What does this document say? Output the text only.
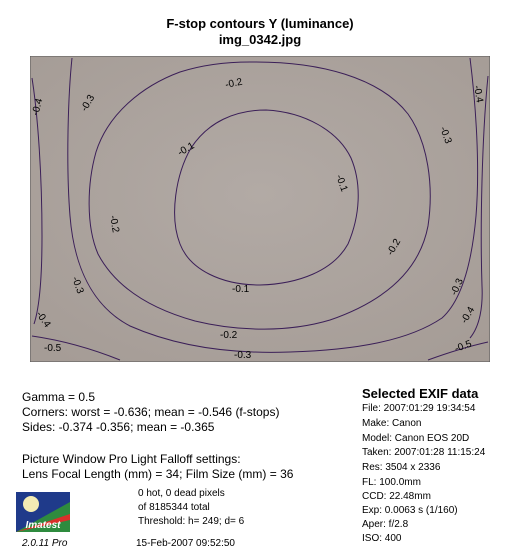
F-stop contours Y (luminance)
img_0342.jpg
-0.2
-0.1
-0.1
-0.1
-0.3
-0.2
-0.2
-0.2
-0.3
-0.3
-0.3
-0.3
-0.4
-0.4
-0.4	-0.4
-0.5	-0.5
Gamma = 0.5
Corners: worst = -0.636; mean = -0.546 (f-stops)
Sides: -0.374 -0.356; mean = -0.365
Picture Window Pro Light Falloff settings:
Lens Focal Length (mm) = 34; Film Size (mm) = 36
0 hot, 0 dead pixels
of 8185344 total
Threshold: h= 249; d= 6
15-Feb-2007 09:52:50
Imatest
2.0.11 Pro
Selected EXIF data
File: 2007:01:29 19:34:54
Make: Canon
Model: Canon EOS 20D
Taken: 2007:01:28 11:15:24
Res: 3504 x 2336
FL: 100.0mm
CCD: 22.48mm
Exp: 0.0063 s (1/160)
Aper: f/2.8
ISO: 400
